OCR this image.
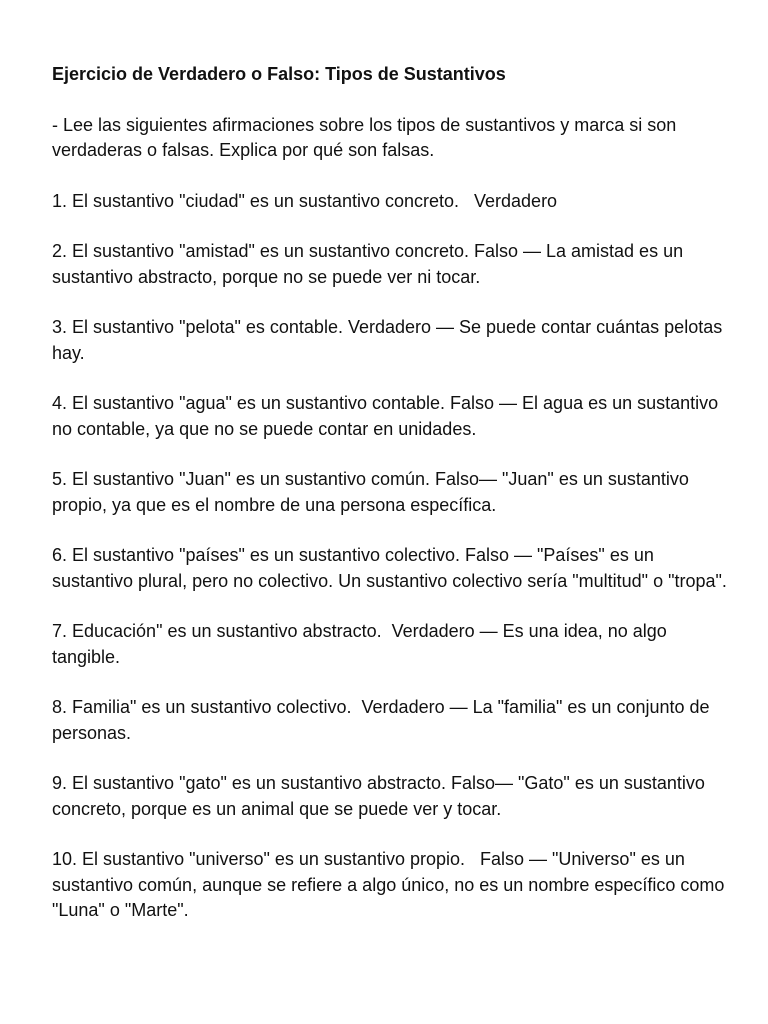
Ejercicio de Verdadero o Falso: Tipos de Sustantivos
- Lee las siguientes afirmaciones sobre los tipos de sustantivos y marca si son verdaderas o falsas. Explica por qué son falsas.
1. El sustantivo "ciudad" es un sustantivo concreto.   Verdadero
2. El sustantivo "amistad" es un sustantivo concreto. Falso — La amistad es un sustantivo abstracto, porque no se puede ver ni tocar.
3. El sustantivo "pelota" es contable. Verdadero — Se puede contar cuántas pelotas hay.
4. El sustantivo "agua" es un sustantivo contable. Falso — El agua es un sustantivo no contable, ya que no se puede contar en unidades.
5. El sustantivo "Juan" es un sustantivo común. Falso— "Juan" es un sustantivo propio, ya que es el nombre de una persona específica.
6. El sustantivo "países" es un sustantivo colectivo. Falso — "Países" es un sustantivo plural, pero no colectivo. Un sustantivo colectivo sería "multitud" o "tropa".
7. Educación" es un sustantivo abstracto.  Verdadero — Es una idea, no algo tangible.
8. Familia" es un sustantivo colectivo.  Verdadero — La "familia" es un conjunto de personas.
9. El sustantivo "gato" es un sustantivo abstracto. Falso— "Gato" es un sustantivo concreto, porque es un animal que se puede ver y tocar.
10. El sustantivo "universo" es un sustantivo propio.   Falso — "Universo" es un sustantivo común, aunque se refiere a algo único, no es un nombre específico como "Luna" o "Marte".
